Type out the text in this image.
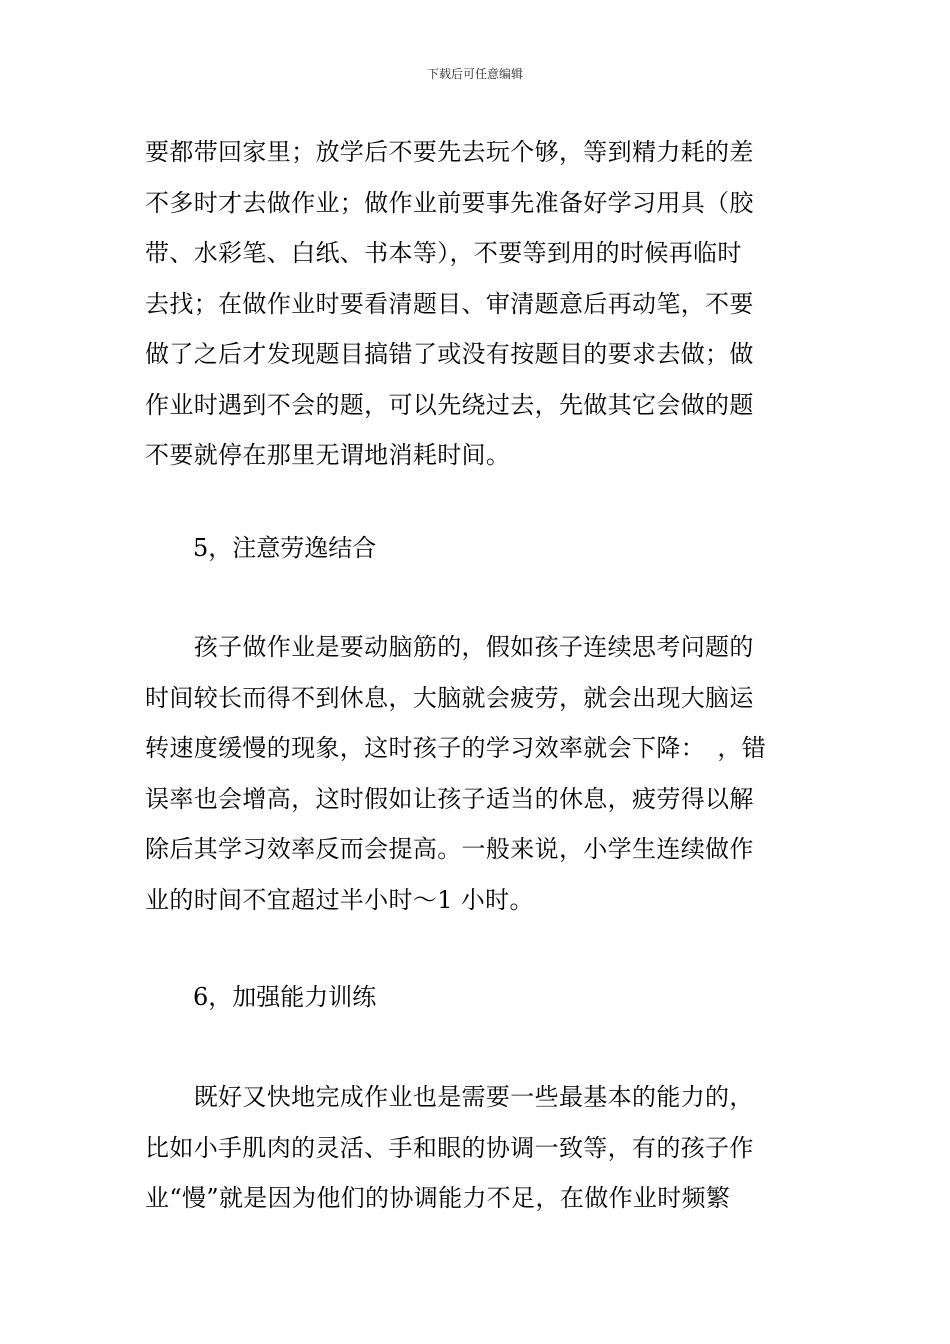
下载后可任意编辑
要都带回家里；放学后不要先去玩个够，等到精力耗的差
不多时才去做作业；做作业前要事先准备好学习用具（胶
带、水彩笔、白纸、书本等），不要等到用的时候再临时
去找；在做作业时要看清题目、审清题意后再动笔，不要
做了之后才发现题目搞错了或没有按题目的要求去做；做
作业时遇到不会的题，可以先绕过去，先做其它会做的题
不要就停在那里无谓地消耗时间。
5，注意劳逸结合
　　孩子做作业是要动脑筋的，假如孩子连续思考问题的
时间较长而得不到休息，大脑就会疲劳，就会出现大脑运
转速度缓慢的现象，这时孩子的学习效率就会下降：　，错
误率也会增高，这时假如让孩子适当的休息，疲劳得以解
除后其学习效率反而会提高。一般来说，小学生连续做作
业的时间不宜超过半小时～1 小时。
6，加强能力训练
　　既好又快地完成作业也是需要一些最基本的能力的，
比如小手肌肉的灵活、手和眼的协调一致等，有的孩子作
业“慢”就是因为他们的协调能力不足，在做作业时频繁
